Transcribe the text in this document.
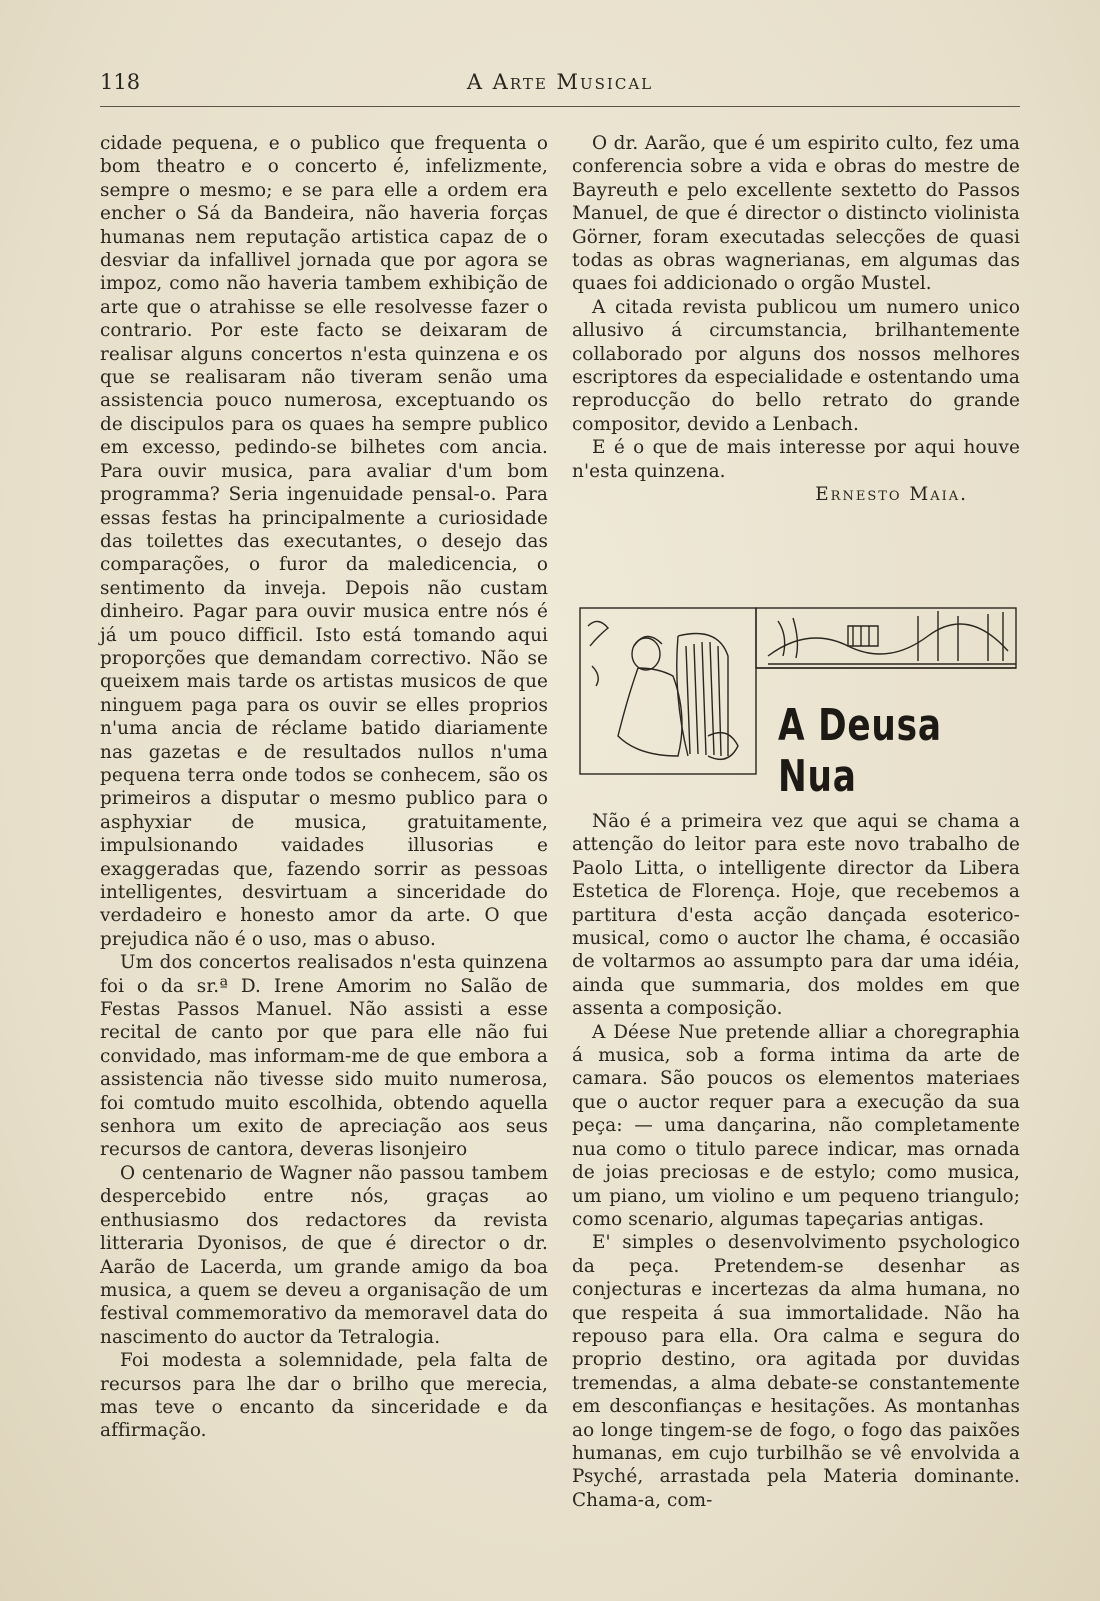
118	A Arte Musical

cidade pequena, e o publico que frequenta o bom theatro e o concerto é, infelizmente, sempre o mesmo; e se para elle a ordem era encher o Sá da Bandeira, não haveria forças humanas nem reputação artistica capaz de o desviar da infallivel jornada que por agora se impoz, como não haveria tambem exhibição de arte que o atrahisse se elle resolvesse fazer o contrario. Por este facto se deixaram de realisar alguns concertos n'esta quinzena e os que se realisaram não tiveram senão uma assistencia pouco numerosa, exceptuando os de discipulos para os quaes ha sempre publico em excesso, pedindo-se bilhetes com ancia. Para ouvir musica, para avaliar d'um bom programma? Seria ingenuidade pensal-o. Para essas festas ha principalmente a curiosidade das toilettes das executantes, o desejo das comparações, o furor da maledicencia, o sentimento da inveja. Depois não custam dinheiro. Pagar para ouvir musica entre nós é já um pouco difficil. Isto está tomando aqui proporções que demandam correctivo. Não se queixem mais tarde os artistas musicos de que ninguem paga para os ouvir se elles proprios n'uma ancia de réclame batido diariamente nas gazetas e de resultados nullos n'uma pequena terra onde todos se conhecem, são os primeiros a disputar o mesmo publico para o asphyxiar de musica, gratuitamente, impulsionando vaidades illusorias e exaggeradas que, fazendo sorrir as pessoas intelligentes, desvirtuam a sinceridade do verdadeiro e honesto amor da arte. O que prejudica não é o uso, mas o abuso.

Um dos concertos realisados n'esta quinzena foi o da sr.ª D. Irene Amorim no Salão de Festas Passos Manuel. Não assisti a esse recital de canto por que para elle não fui convidado, mas informam-me de que embora a assistencia não tivesse sido muito numerosa, foi comtudo muito escolhida, obtendo aquella senhora um exito de apreciação aos seus recursos de cantora, deveras lisonjeiro

O centenario de Wagner não passou tambem despercebido entre nós, graças ao enthusiasmo dos redactores da revista litteraria Dyonisos, de que é director o dr. Aarão de Lacerda, um grande amigo da boa musica, a quem se deveu a organisação de um festival commemorativo da memoravel data do nascimento do auctor da Tetralogia.

Foi modesta a solemnidade, pela falta de recursos para lhe dar o brilho que merecia, mas teve o encanto da sinceridade e da affirmação.

O dr. Aarão, que é um espirito culto, fez uma conferencia sobre a vida e obras do mestre de Bayreuth e pelo excellente sextetto do Passos Manuel, de que é director o distincto violinista Görner, foram executadas selecções de quasi todas as obras wagnerianas, em algumas das quaes foi addicionado o orgão Mustel.

A citada revista publicou um numero unico allusivo á circumstancia, brilhantemente collaborado por alguns dos nossos melhores escriptores da especialidade e ostentando uma reproducção do bello retrato do grande compositor, devido a Lenbach.

E é o que de mais interesse por aqui houve n'esta quinzena.

Ernesto Maia.

A Deusa Nua

Não é a primeira vez que aqui se chama a attenção do leitor para este novo trabalho de Paolo Litta, o intelligente director da Libera Estetica de Florença. Hoje, que recebemos a partitura d'esta acção dançada esoterico-musical, como o auctor lhe chama, é occasião de voltarmos ao assumpto para dar uma idéia, ainda que summaria, dos moldes em que assenta a composição.

A Déese Nue pretende alliar a choregraphia á musica, sob a forma intima da arte de camara. São poucos os elementos materiaes que o auctor requer para a execução da sua peça: — uma dançarina, não completamente nua como o titulo parece indicar, mas ornada de joias preciosas e de estylo; como musica, um piano, um violino e um pequeno triangulo; como scenario, algumas tapeçarias antigas.

E' simples o desenvolvimento psychologico da peça. Pretendem-se desenhar as conjecturas e incertezas da alma humana, no que respeita á sua immortalidade. Não ha repouso para ella. Ora calma e segura do proprio destino, ora agitada por duvidas tremendas, a alma debate-se constantemente em desconfianças e hesitações. As montanhas ao longe tingem-se de fogo, o fogo das paixões humanas, em cujo turbilhão se vê envolvida a Psyché, arrastada pela Materia dominante. Chama-a, com-
